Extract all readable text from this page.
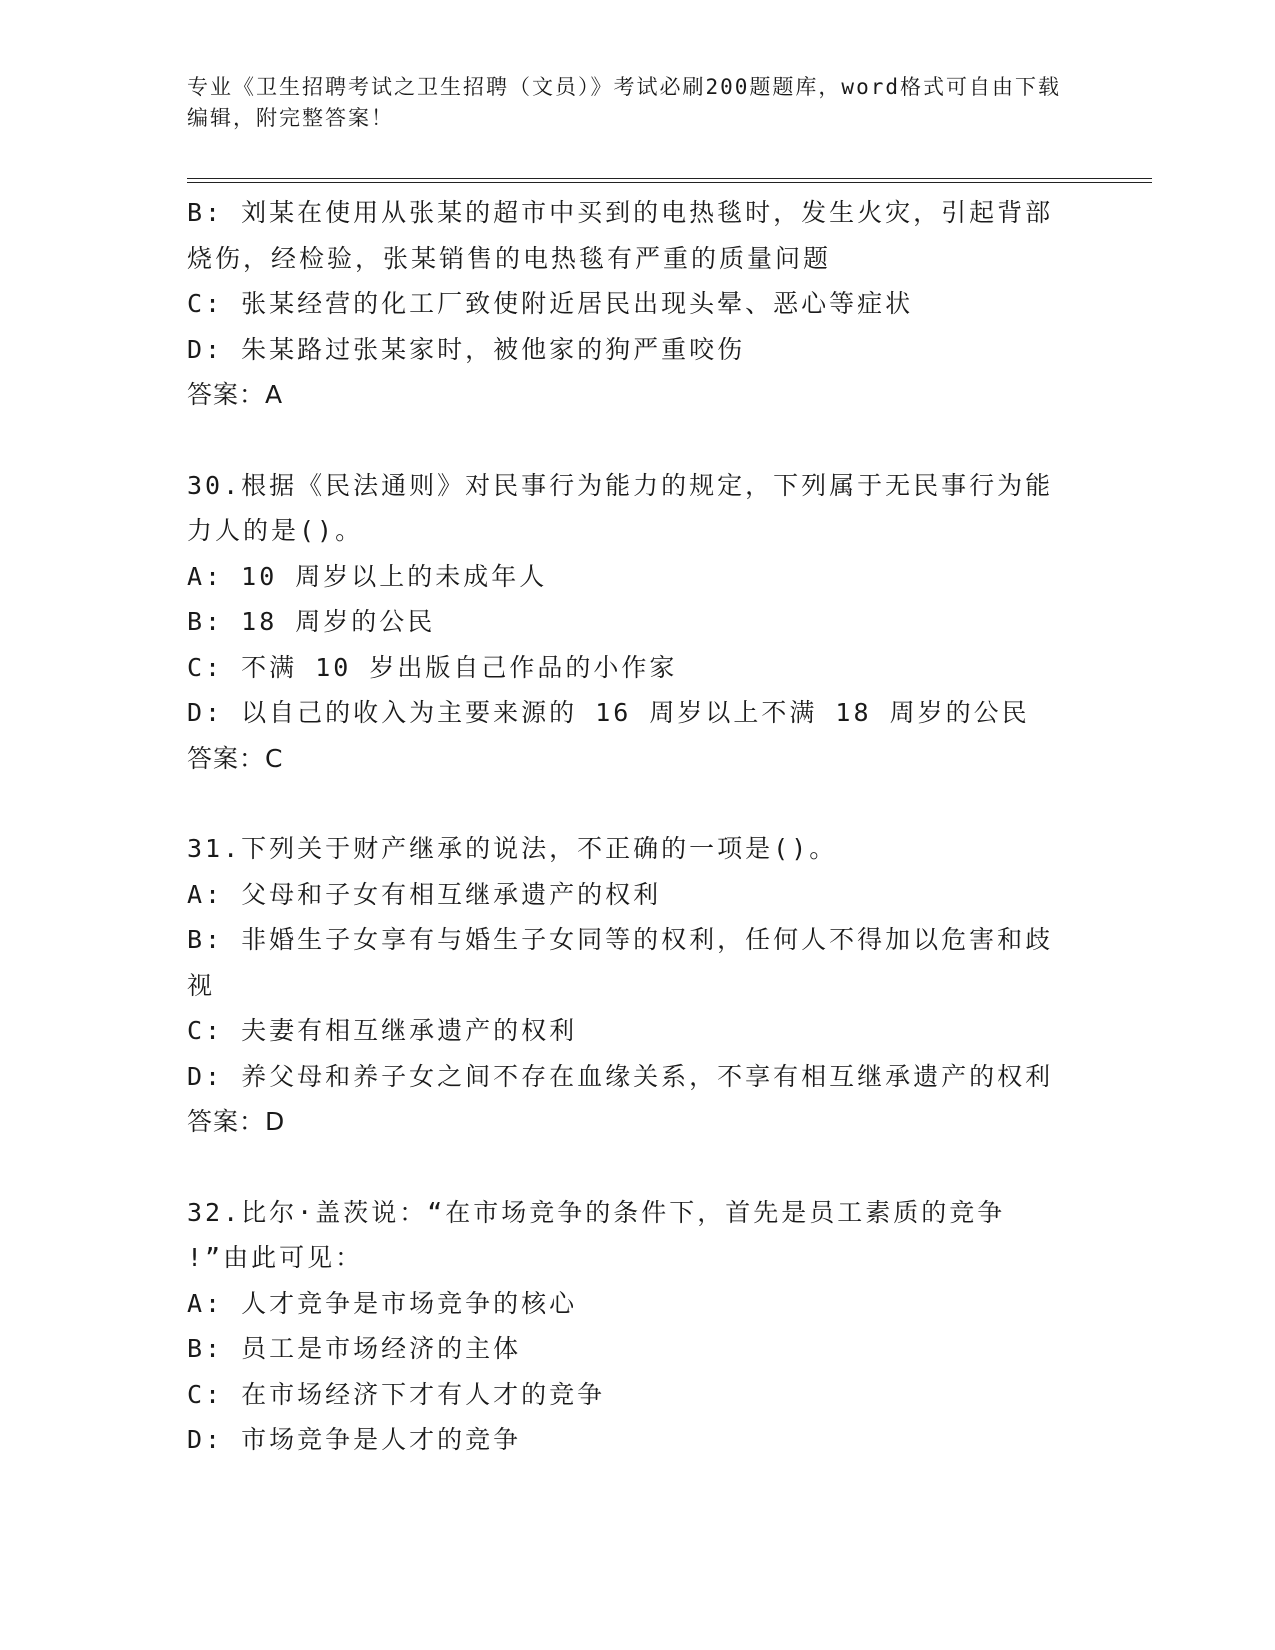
专业《卫生招聘考试之卫生招聘（文员）》考试必刷200题题库，word格式可自由下载编辑，附完整答案！
B: 刘某在使用从张某的超市中买到的电热毯时，发生火灾，引起背部
烧伤，经检验，张某销售的电热毯有严重的质量问题
C: 张某经营的化工厂致使附近居民出现头晕、恶心等症状
D: 朱某路过张某家时，被他家的狗严重咬伤
答案：A
30.根据《民法通则》对民事行为能力的规定，下列属于无民事行为能
力人的是()。
A: 10 周岁以上的未成年人
B: 18 周岁的公民
C: 不满 10 岁出版自己作品的小作家
D: 以自己的收入为主要来源的 16 周岁以上不满 18 周岁的公民
答案：C
31.下列关于财产继承的说法，不正确的一项是()。
A: 父母和子女有相互继承遗产的权利
B: 非婚生子女享有与婚生子女同等的权利，任何人不得加以危害和歧
视
C: 夫妻有相互继承遗产的权利
D: 养父母和养子女之间不存在血缘关系，不享有相互继承遗产的权利
答案：D
32.比尔·盖茨说：“在市场竞争的条件下，首先是员工素质的竞争
!”由此可见：
A: 人才竞争是市场竞争的核心
B: 员工是市场经济的主体
C: 在市场经济下才有人才的竞争
D: 市场竞争是人才的竞争
